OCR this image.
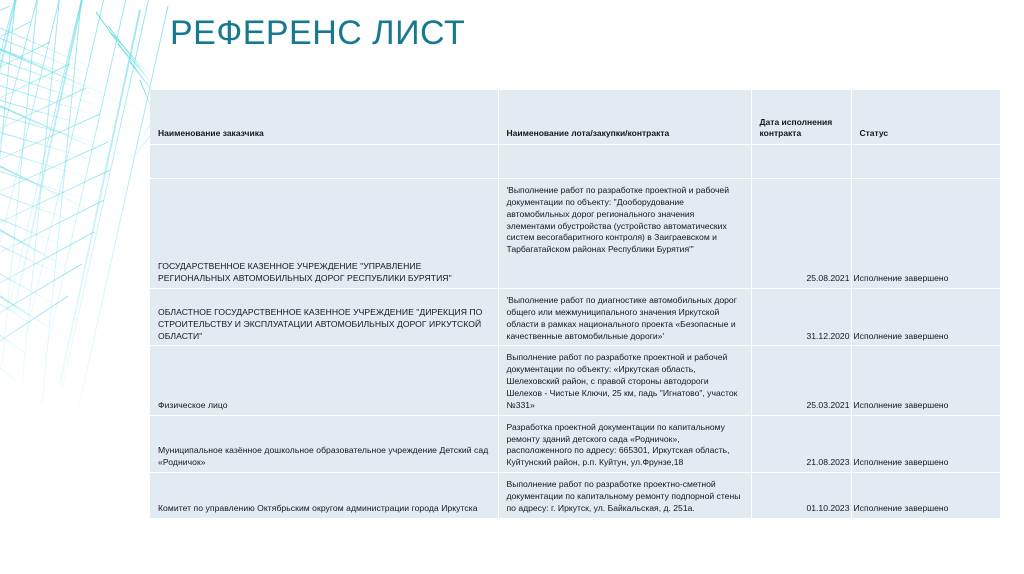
РЕФЕРЕНС ЛИСТ
Наименование заказчика	Наименование лота/закупки/контракта	Дата исполнения контракта	Статус

ГОСУДАРСТВЕННОЕ КАЗЕННОЕ УЧРЕЖДЕНИЕ "УПРАВЛЕНИЕ РЕГИОНАЛЬНЫХ АВТОМОБИЛЬНЫХ ДОРОГ РЕСПУБЛИКИ БУРЯТИЯ"	'Выполнение работ по разработке проектной и рабочей документации по объекту: "Дооборудование автомобильных дорог регионального значения элементами обустройства (устройство автоматических систем весогабаритного контроля) в Заиграевском и Тарбагатайском районах Республики Бурятия"'	25.08.2021	Исполнение завершено
ОБЛАСТНОЕ ГОСУДАРСТВЕННОЕ КАЗЕННОЕ УЧРЕЖДЕНИЕ "ДИРЕКЦИЯ ПО СТРОИТЕЛЬСТВУ И ЭКСПЛУАТАЦИИ АВТОМОБИЛЬНЫХ ДОРОГ ИРКУТСКОЙ ОБЛАСТИ"	'Выполнение работ по диагностике автомобильных дорог общего или межмуниципального значения Иркутской области в рамках национального проекта «Безопасные и качественные автомобильные дороги»'	31.12.2020	Исполнение завершено
Физическое лицо	Выполнение работ по разработке проектной и рабочей документации по объекту: «Иркутская область, Шелеховский район, с правой стороны автодороги Шелехов - Чистые Ключи, 25 км, падь "Игнатово", участок №331»	25.03.2021	Исполнение завершено
Муниципальное казённое дошкольное образовательное учреждение Детский сад «Родничок»	Разработка проектной документации по капитальному ремонту зданий детского сада «Родничок», расположенного по адресу: 665301, Иркутская область, Куйтунский район, р.п. Куйтун, ул.Фрунзе,18	21.08.2023	Исполнение завершено
Комитет по управлению Октябрьским округом администрации города Иркутска	Выполнение работ по разработке проектно-сметной документации по капитальному ремонту подпорной стены по адресу: г. Иркутск, ул. Байкальская, д. 251а.	01.10.2023	Исполнение завершено
